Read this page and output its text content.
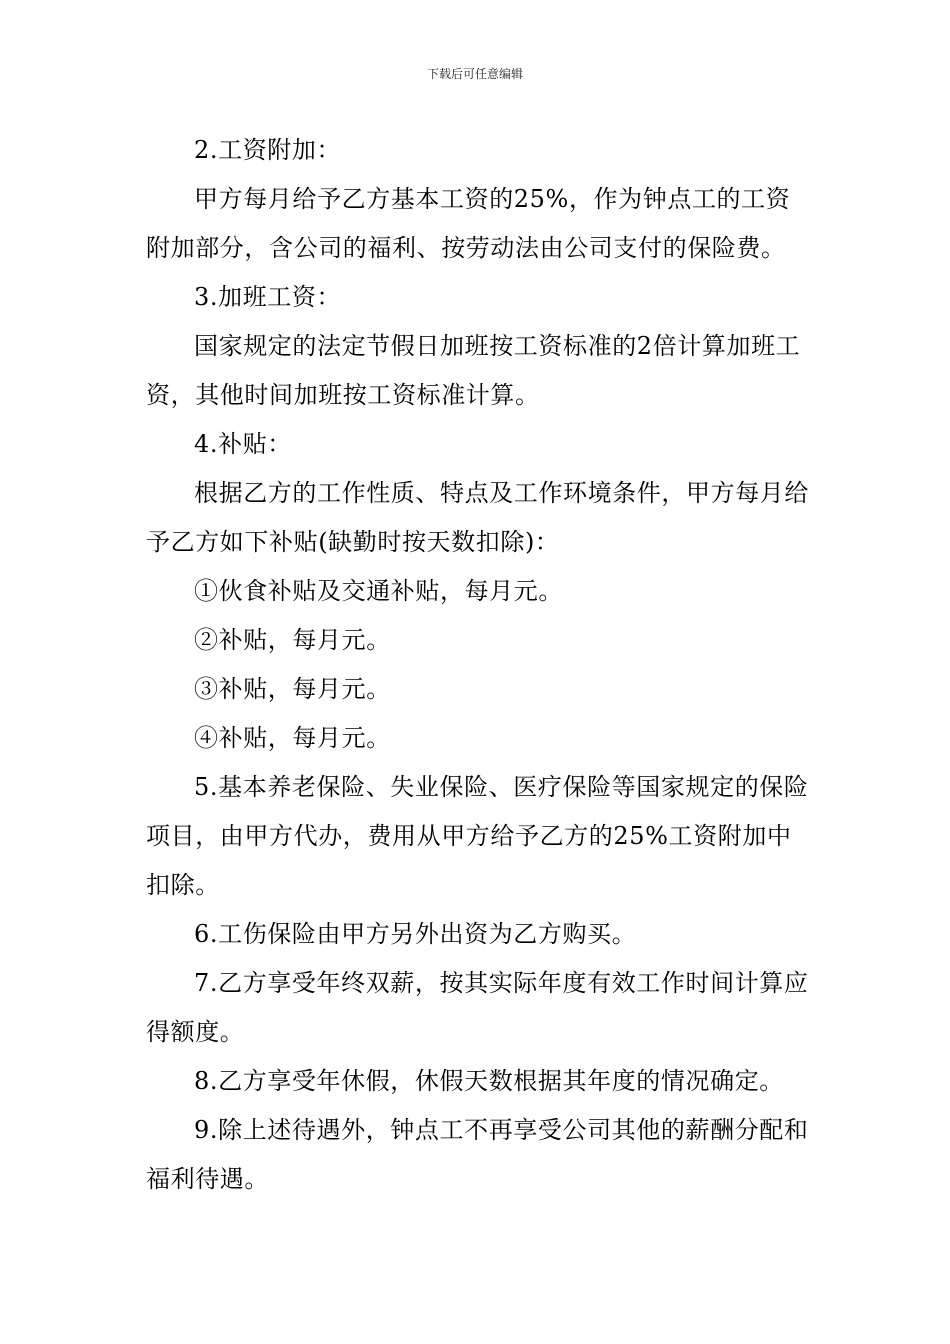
下载后可任意编辑

2.工资附加：

甲方每月给予乙方基本工资的25%，作为钟点工的工资附加部分，含公司的福利、按劳动法由公司支付的保险费。

3.加班工资：

国家规定的法定节假日加班按工资标准的2倍计算加班工资，其他时间加班按工资标准计算。

4.补贴：

根据乙方的工作性质、特点及工作环境条件，甲方每月给予乙方如下补贴(缺勤时按天数扣除)：

①伙食补贴及交通补贴，每月元。

②补贴，每月元。

③补贴，每月元。

④补贴，每月元。

5.基本养老保险、失业保险、医疗保险等国家规定的保险项目，由甲方代办，费用从甲方给予乙方的25%工资附加中扣除。

6.工伤保险由甲方另外出资为乙方购买。

7.乙方享受年终双薪，按其实际年度有效工作时间计算应得额度。

8.乙方享受年休假，休假天数根据其年度的情况确定。

9.除上述待遇外，钟点工不再享受公司其他的薪酬分配和福利待遇。
